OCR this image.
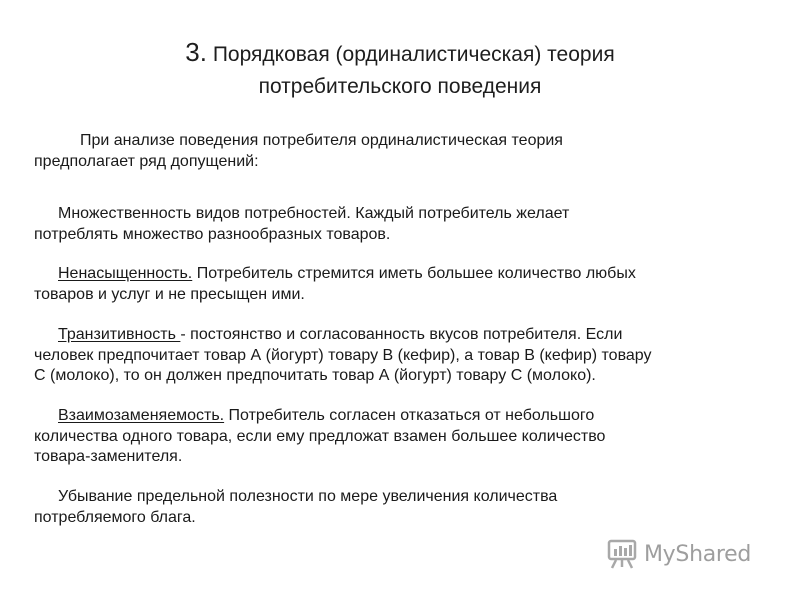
3. Порядковая (ординалистическая) теория
потребительского поведения
При анализе поведения потребителя ординалистическая теория
предполагает ряд допущений:
Множественность видов потребностей. Каждый потребитель желает
потреблять множество разнообразных товаров.
Ненасыщенность. Потребитель стремится иметь большее количество любых
товаров и услуг и не пресыщен ими.
Транзитивность - постоянство и согласованность вкусов потребителя. Если
человек предпочитает товар А (йогурт) товару В (кефир), а товар В (кефир) товару
С (молоко), то он должен предпочитать товар А (йогурт) товару С (молоко).
Взаимозаменяемость. Потребитель согласен отказаться от небольшого
количества одного товара, если ему предложат взамен большее количество
товара-заменителя.
Убывание предельной полезности по мере увеличения количества
потребляемого блага.
MyShared
